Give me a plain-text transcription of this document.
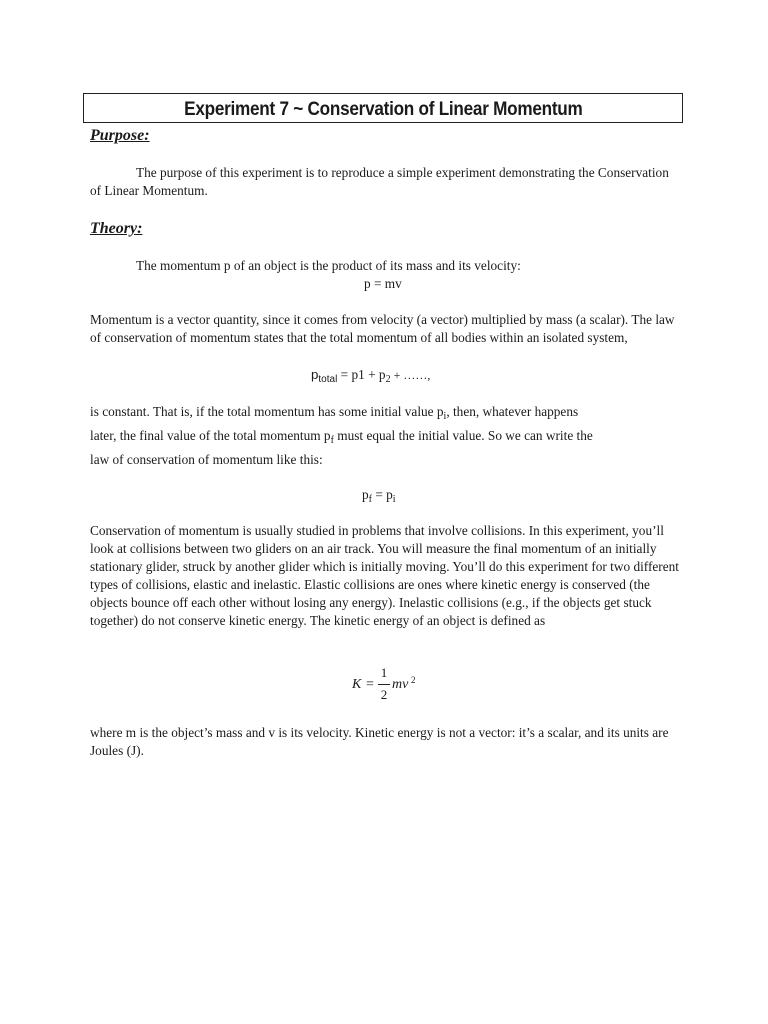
Experiment 7 ~ Conservation of Linear Momentum
Purpose:
The purpose of this experiment is to reproduce a simple experiment demonstrating the Conservation of Linear Momentum.
Theory:
The momentum p of an object is the product of its mass and its velocity:
p = mv
Momentum is a vector quantity, since it comes from velocity (a vector) multiplied by mass (a scalar). The law of conservation of momentum states that the total momentum of all bodies within an isolated system,
$p_{total} = p1 + p_2$ + ……,
is constant. That is, if the total momentum has some initial value $p_i$, then, whatever happens
later, the final value of the total momentum $p_f$ must equal the initial value. So we can write the
law of conservation of momentum like this:
$p_f = p_i$
Conservation of momentum is usually studied in problems that involve collisions. In this experiment, you’ll look at collisions between two gliders on an air track. You will measure the final momentum of an initially stationary glider, struck by another glider which is initially moving. You’ll do this experiment for two different types of collisions, elastic and inelastic. Elastic collisions are ones where kinetic energy is conserved (the objects bounce off each other without losing any energy). Inelastic collisions (e.g., if the objects get stuck together) do not conserve kinetic energy. The kinetic energy of an object is defined as
K =
1
2
mv 2
where m is the object’s mass and v is its velocity. Kinetic energy is not a vector: it’s a scalar, and its units are Joules (J).
